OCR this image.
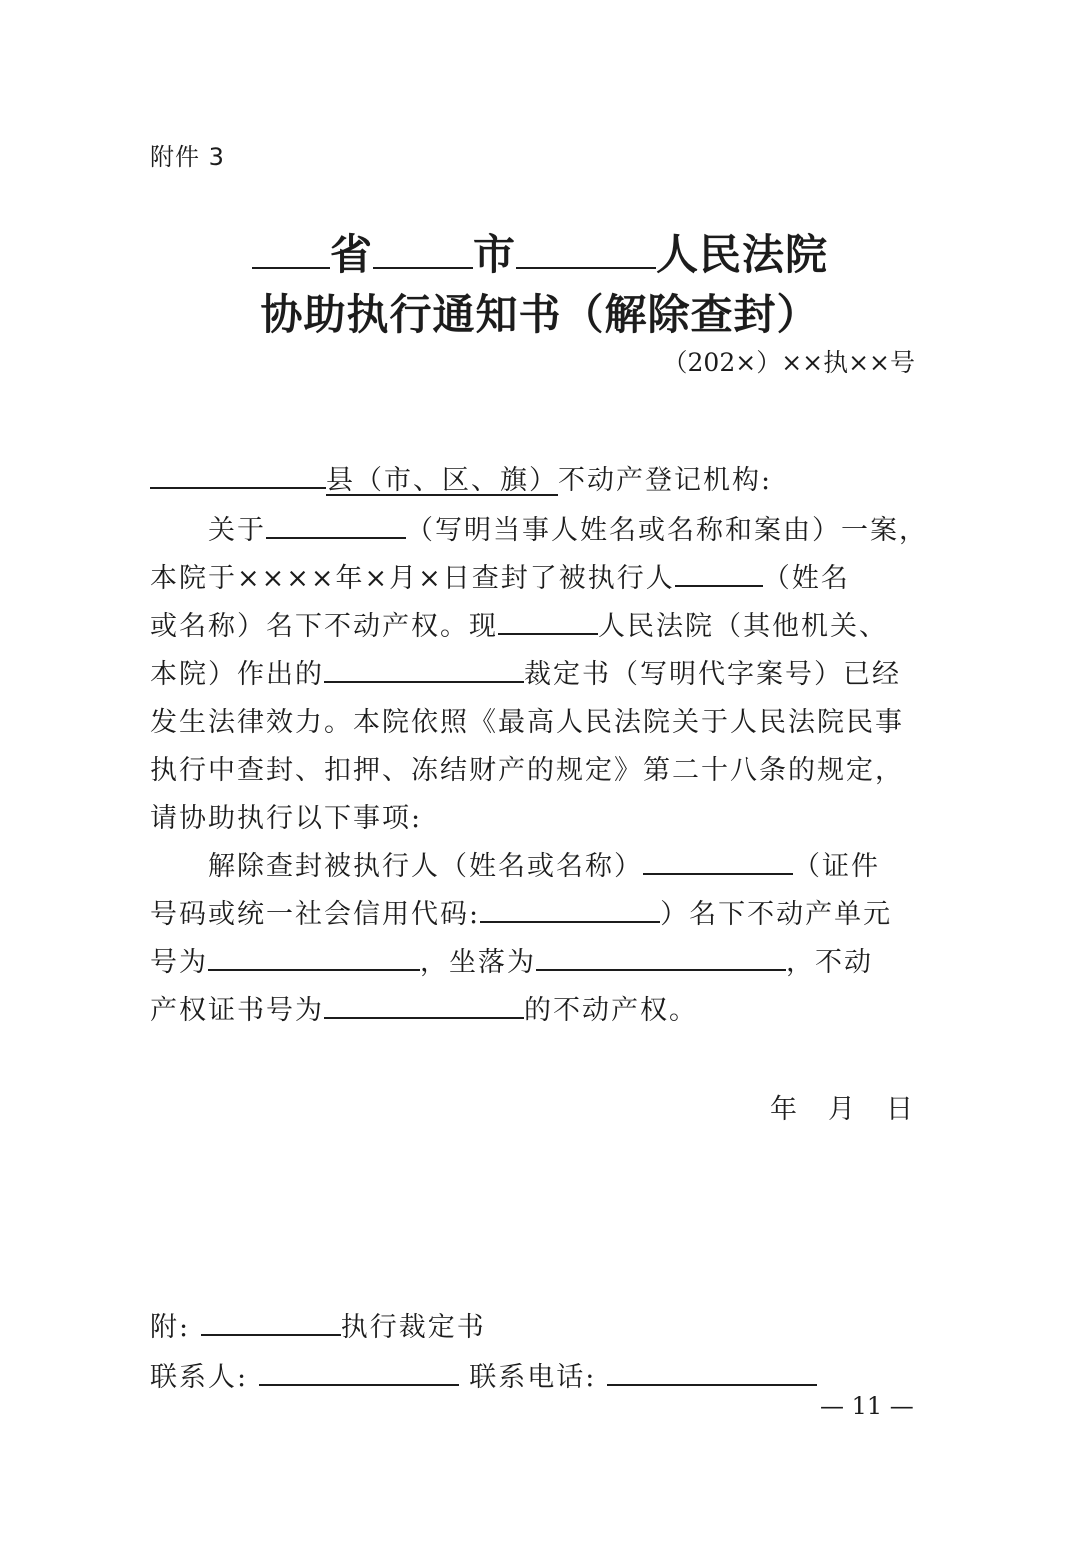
附件 3
省 市	人民法院
协助执行通知书（解除查封）
（202×）××执××号
县（市、区、旗）不动产登记机构:
关于	（写明当事人姓名或名称和案由）一案，
本院于××××年×月×日查封了被执行人	（姓名
或名称）名下不动产权。现	人民法院（其他机关、
本院）作出的	裁定书（写明代字案号）已经
发生法律效力。本院依照《最高人民法院关于人民法院民事
执行中查封、扣押、冻结财产的规定》第二十八条的规定，
请协助执行以下事项:
解除查封被执行人（姓名或名称）	（证件
号码或统一社会信用代码:	）名下不动产单元
号为	，坐落为	，不动
产权证书号为	的不动产权。
年 月 日
附:	执行裁定书
联系人:	联系电话:
— 11 —
